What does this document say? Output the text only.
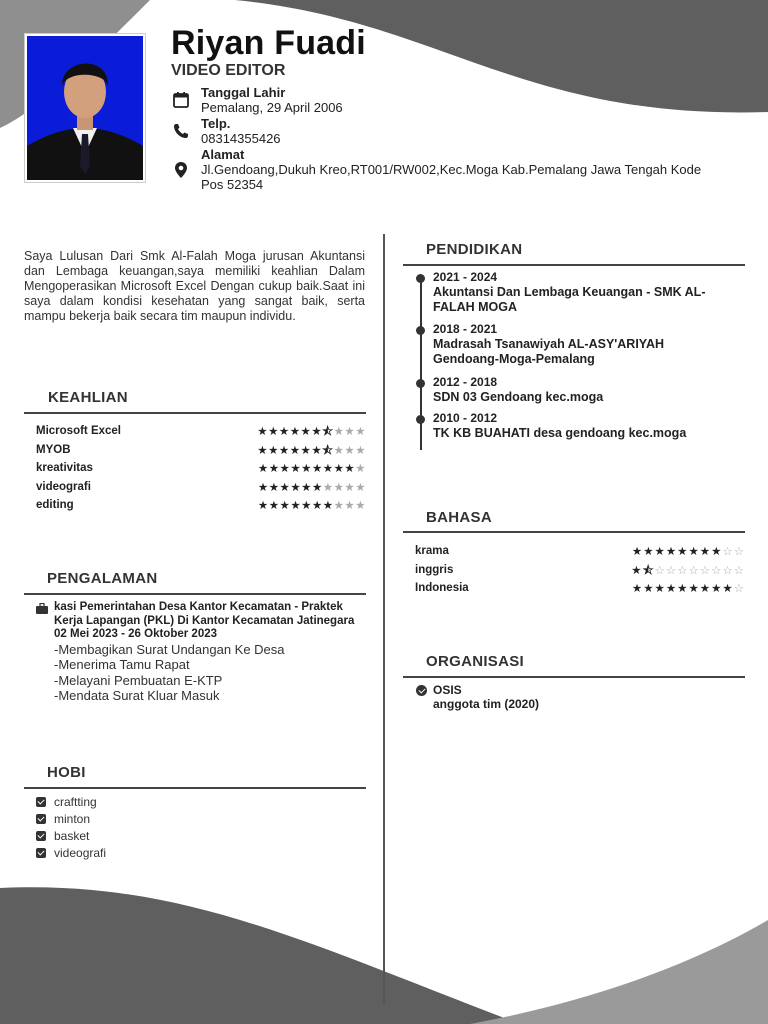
Riyan Fuadi
VIDEO EDITOR
Tanggal Lahir
Pemalang, 29 April 2006
Telp.
08314355426
Alamat
Jl.Gendoang,Dukuh Kreo,RT001/RW002,Kec.Moga Kab.Pemalang Jawa Tengah Kode
Pos 52354
Saya Lulusan Dari Smk Al-Falah Moga jurusan Akuntansi dan Lembaga keuangan,saya memiliki keahlian Dalam Mengoperasikan Microsoft Excel Dengan cukup baik.Saat ini saya dalam kondisi kesehatan yang sangat baik, serta mampu bekerja baik secara tim maupun individu.
KEAHLIAN
Microsoft Excel	★★★★★★⯪★★★
MYOB	★★★★★★⯪★★★
kreativitas	★★★★★★★★★★
videografi	★★★★★★★★★★
editing	★★★★★★★★★★
PENGALAMAN
kasi Pemerintahan Desa Kantor Kecamatan - Praktek Kerja Lapangan (PKL) Di Kantor Kecamatan Jatinegara
02 Mei 2023 - 26 Oktober 2023
-Membagikan Surat Undangan Ke Desa
-Menerima Tamu Rapat
-Melayani Pembuatan E-KTP
-Mendata Surat Kluar Masuk
HOBI
craftting
minton
basket
videografi
PENDIDIKAN
2021 - 2024
Akuntansi Dan Lembaga Keuangan - SMK AL-FALAH MOGA
2018 - 2021
Madrasah Tsanawiyah AL-ASY'ARIYAH Gendoang-Moga-Pemalang
2012 - 2018
SDN 03 Gendoang kec.moga
2010 - 2012
TK KB BUAHATI desa gendoang kec.moga
BAHASA
krama	★★★★★★★★☆☆
inggris	★⯪☆☆☆☆☆☆☆☆
Indonesia	★★★★★★★★★☆
ORGANISASI
OSIS
anggota tim (2020)
